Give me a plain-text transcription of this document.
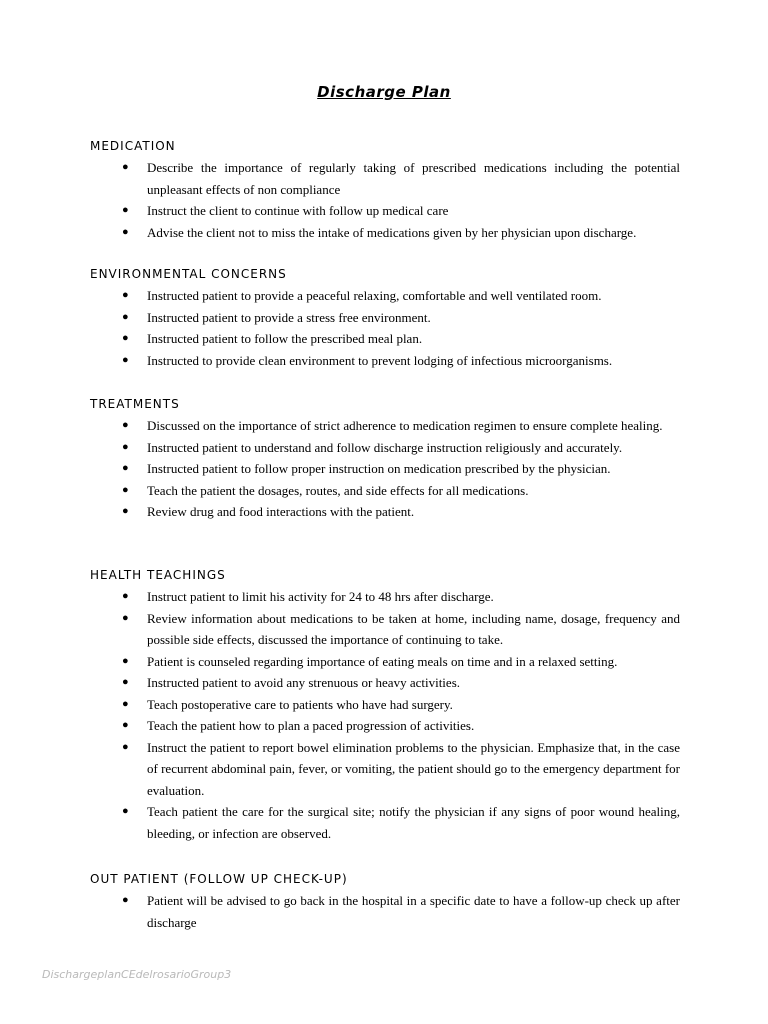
Discharge Plan
MEDICATION
● Describe the importance of regularly taking of prescribed medications including the potential unpleasant effects of non compliance
● Instruct the client to continue with follow up medical care
● Advise the client not to miss the intake of medications given by her physician upon discharge.
ENVIRONMENTAL CONCERNS
● Instructed patient to provide a peaceful relaxing, comfortable and well ventilated room.
● Instructed patient to provide a stress free environment.
● Instructed patient to follow the prescribed meal plan.
● Instructed to provide clean environment to prevent lodging of infectious microorganisms.
TREATMENTS
● Discussed on the importance of strict adherence to medication regimen to ensure complete healing.
● Instructed patient to understand and follow discharge instruction religiously and accurately.
● Instructed patient to follow proper instruction on medication prescribed by the physician.
● Teach the patient the dosages, routes, and side effects for all medications.
● Review drug and food interactions with the patient.
HEALTH TEACHINGS
● Instruct patient to limit his activity for 24 to 48 hrs after discharge.
● Review information about medications to be taken at home, including name, dosage, frequency and possible side effects, discussed the importance of continuing to take.
● Patient is counseled regarding importance of eating meals on time and in a relaxed setting.
● Instructed patient to avoid any strenuous or heavy activities.
● Teach postoperative care to patients who have had surgery.
● Teach the patient how to plan a paced progression of activities.
● Instruct the patient to report bowel elimination problems to the physician. Emphasize that, in the case of recurrent abdominal pain, fever, or vomiting, the patient should go to the emergency department for evaluation.
● Teach patient the care for the surgical site; notify the physician if any signs of poor wound healing, bleeding, or infection are observed.
OUT PATIENT (FOLLOW UP CHECK-UP)
● Patient will be advised to go back in the hospital in a specific date to have a follow-up check up after discharge
DischargeplanCEdelrosarioGroup3
